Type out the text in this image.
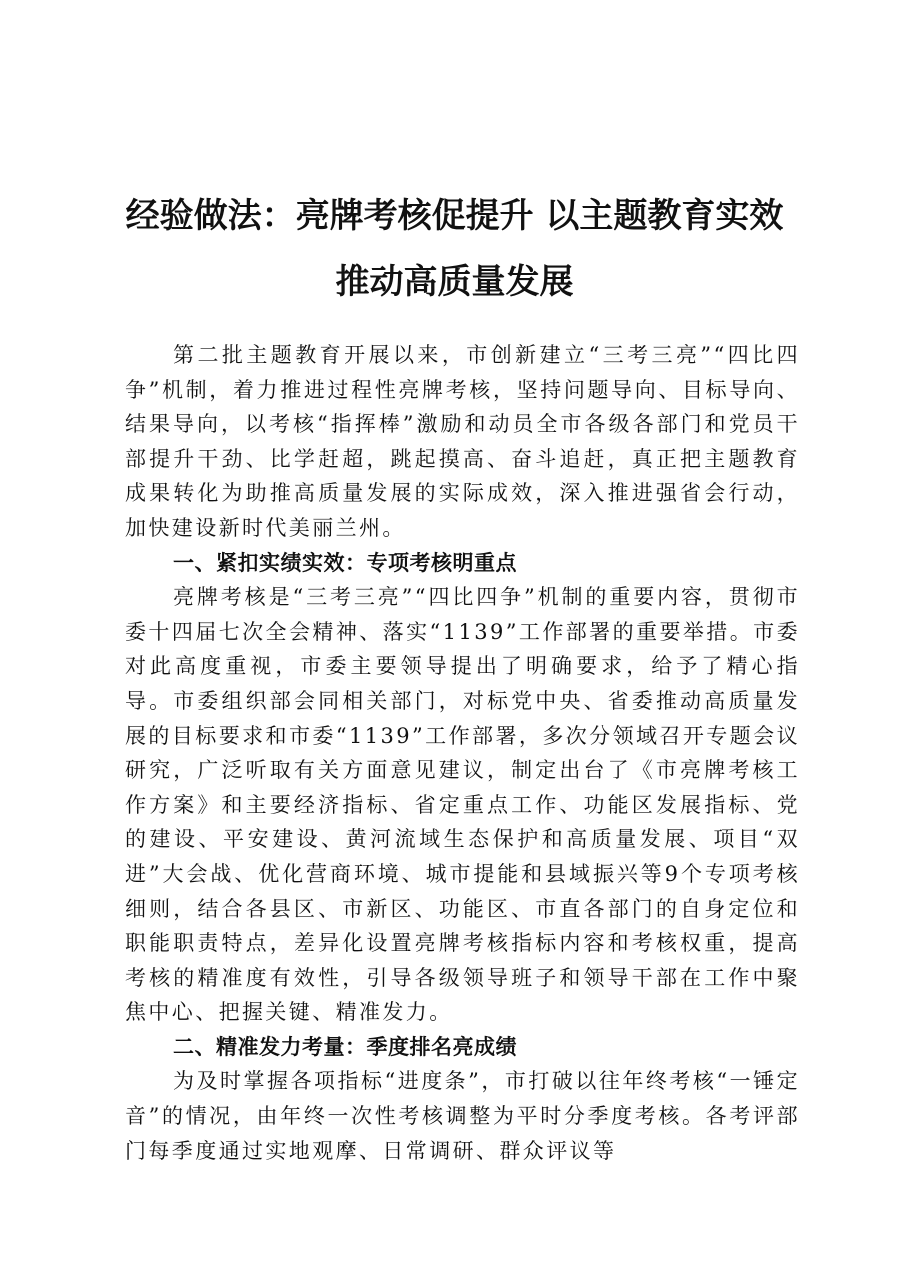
经验做法：亮牌考核促提升 以主题教育实效
推动高质量发展

第二批主题教育开展以来，市创新建立“三考三亮”“四比四争”机制，着力推进过程性亮牌考核，坚持问题导向、目标导向、结果导向，以考核“指挥棒”激励和动员全市各级各部门和党员干部提升干劲、比学赶超，跳起摸高、奋斗追赶，真正把主题教育成果转化为助推高质量发展的实际成效，深入推进强省会行动，加快建设新时代美丽兰州。

一、紧扣实绩实效：专项考核明重点

亮牌考核是“三考三亮”“四比四争”机制的重要内容，贯彻市委十四届七次全会精神、落实“1139”工作部署的重要举措。市委对此高度重视，市委主要领导提出了明确要求，给予了精心指导。市委组织部会同相关部门，对标党中央、省委推动高质量发展的目标要求和市委“1139”工作部署，多次分领域召开专题会议研究，广泛听取有关方面意见建议，制定出台了《市亮牌考核工作方案》和主要经济指标、省定重点工作、功能区发展指标、党的建设、平安建设、黄河流域生态保护和高质量发展、项目“双进”大会战、优化营商环境、城市提能和县域振兴等9个专项考核细则，结合各县区、市新区、功能区、市直各部门的自身定位和职能职责特点，差异化设置亮牌考核指标内容和考核权重，提高考核的精准度有效性，引导各级领导班子和领导干部在工作中聚焦中心、把握关键、精准发力。

二、精准发力考量：季度排名亮成绩

为及时掌握各项指标“进度条”，市打破以往年终考核“一锤定音”的情况，由年终一次性考核调整为平时分季度考核。各考评部门每季度通过实地观摩、日常调研、群众评议等
